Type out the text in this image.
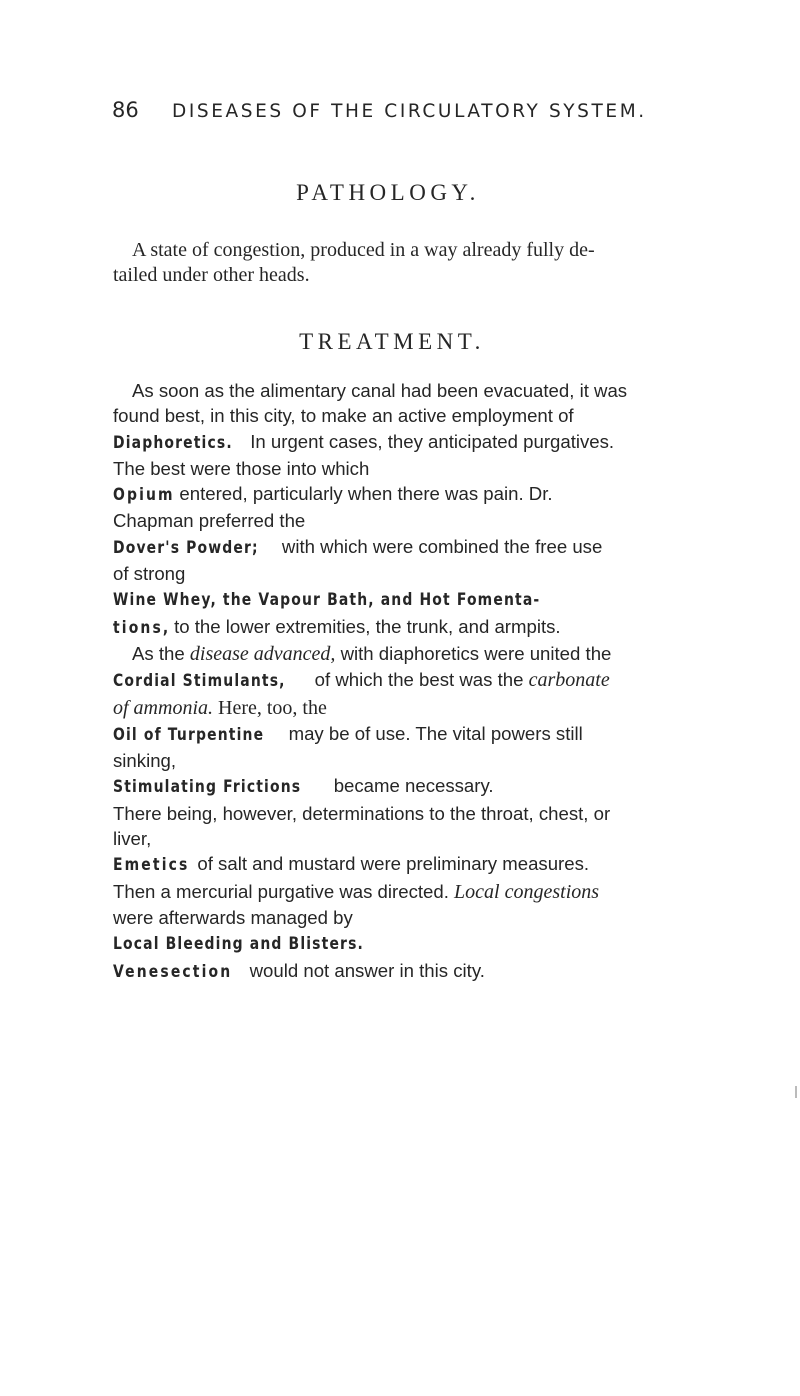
86 DISEASES OF THE CIRCULATORY SYSTEM.
PATHOLOGY.
A state of congestion, produced in a way already fully de-
tailed under other heads.
TREATMENT.
As soon as the alimentary canal had been evacuated, it was
found best, in this city, to make an active employment of
Diaphoretics. In urgent cases, they anticipated purgatives.
The best were those into which
Opium entered, particularly when there was pain. Dr.
Chapman preferred the
Dover's Powder; with which were combined the free use
of strong
Wine Whey, the Vapour Bath, and Hot Fomenta-
tions, to the lower extremities, the trunk, and armpits.
As the disease advanced, with diaphoretics were united the
Cordial Stimulants, of which the best was the carbonate
of ammonia. Here, too, the
Oil of Turpentine may be of use. The vital powers still
sinking,
Stimulating Frictions became necessary.
There being, however, determinations to the throat, chest, or
liver,
Emetics of salt and mustard were preliminary measures.
Then a mercurial purgative was directed. Local congestions
were afterwards managed by
Local Bleeding and Blisters.
Venesection would not answer in this city.
